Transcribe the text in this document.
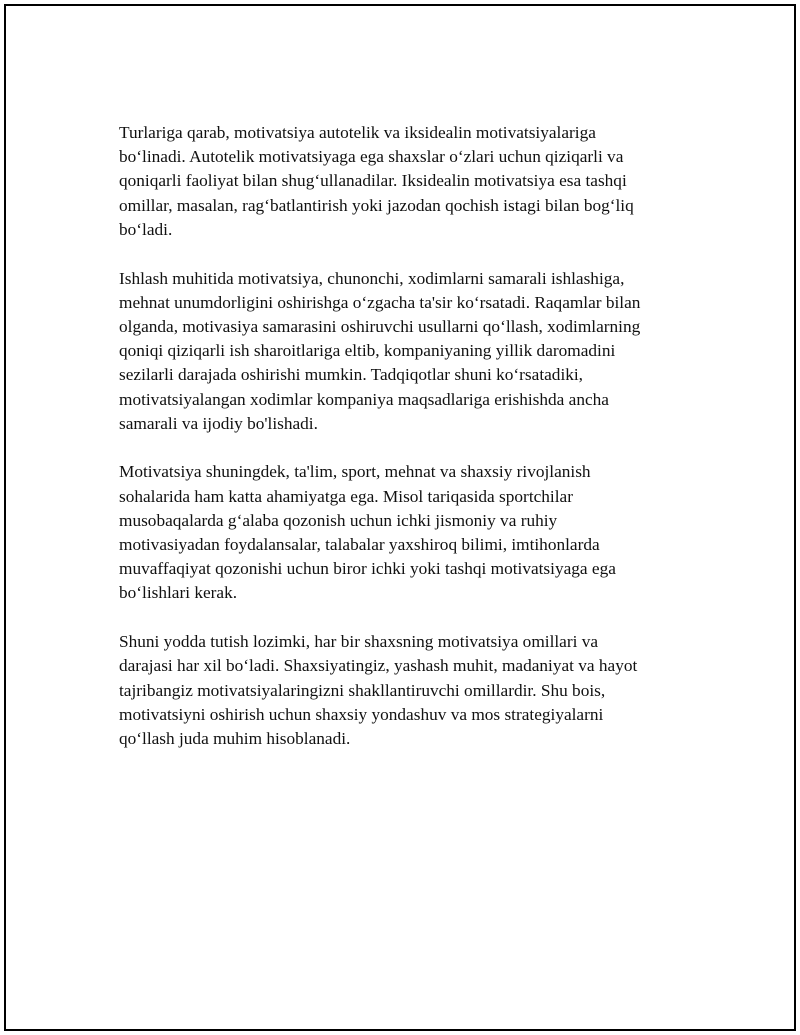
Turlariga qarab, motivatsiya autotelik va iksidealin motivatsiyalariga
bo‘linadi. Autotelik motivatsiyaga ega shaxslar o‘zlari uchun qiziqarli va
qoniqarli faoliyat bilan shug‘ullanadilar. Iksidealin motivatsiya esa tashqi
omillar, masalan, rag‘batlantirish yoki jazodan qochish istagi bilan bog‘liq
bo‘ladi.

Ishlash muhitida motivatsiya, chunonchi, xodimlarni samarali ishlashiga,
mehnat unumdorligini oshirishga o‘zgacha ta'sir ko‘rsatadi. Raqamlar bilan
olganda, motivasiya samarasini oshiruvchi usullarni qo‘llash, xodimlarning
qoniqi qiziqarli ish sharoitlariga eltib, kompaniyaning yillik daromadini
sezilarli darajada oshirishi mumkin. Tadqiqotlar shuni ko‘rsatadiki,
motivatsiyalangan xodimlar kompaniya maqsadlariga erishishda ancha
samarali va ijodiy bo'lishadi.

Motivatsiya shuningdek, ta'lim, sport, mehnat va shaxsiy rivojlanish
sohalarida ham katta ahamiyatga ega. Misol tariqasida sportchilar
musobaqalarda g‘alaba qozonish uchun ichki jismoniy va ruhiy
motivasiyadan foydalansalar, talabalar yaxshiroq bilimi, imtihonlarda
muvaffaqiyat qozonishi uchun biror ichki yoki tashqi motivatsiyaga ega
bo‘lishlari kerak.

Shuni yodda tutish lozimki, har bir shaxsning motivatsiya omillari va
darajasi har xil bo‘ladi. Shaxsiyatingiz, yashash muhit, madaniyat va hayot
tajribangiz motivatsiyalaringizni shakllantiruvchi omillardir. Shu bois,
motivatsiyni oshirish uchun shaxsiy yondashuv va mos strategiyalarni
qo‘llash juda muhim hisoblanadi.
